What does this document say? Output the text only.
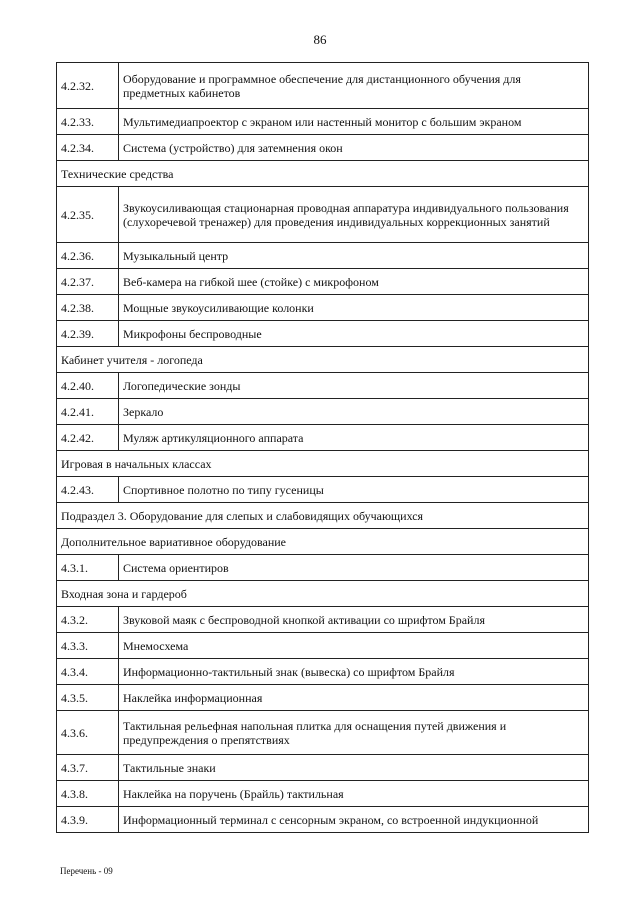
86
4.2.32.	Оборудование и программное обеспечение для дистанционного обучения для предметных кабинетов
4.2.33.	Мультимедиапроектор с экраном или настенный монитор с большим экраном
4.2.34.	Система (устройство) для затемнения окон
Технические средства	
4.2.35.	Звукоусиливающая стационарная проводная аппаратура индивидуального пользования (слухоречевой тренажер) для проведения индивидуальных коррекционных занятий
4.2.36.	Музыкальный центр
4.2.37.	Веб-камера на гибкой шее (стойке) с микрофоном
4.2.38.	Мощные звукоусиливающие колонки
4.2.39.	Микрофоны беспроводные
Кабинет учителя - логопеда	
4.2.40.	Логопедические зонды
4.2.41.	Зеркало
4.2.42.	Муляж артикуляционного аппарата
Игровая в начальных классах	
4.2.43.	Спортивное полотно по типу гусеницы
Подраздел 3. Оборудование для слепых и слабовидящих обучающихся	
Дополнительное вариативное оборудование	
4.3.1.	Система ориентиров
Входная зона и гардероб	
4.3.2.	Звуковой маяк с беспроводной кнопкой активации со шрифтом Брайля
4.3.3.	Мнемосхема
4.3.4.	Информационно-тактильный знак (вывеска) со шрифтом Брайля
4.3.5.	Наклейка информационная
4.3.6.	Тактильная рельефная напольная плитка для оснащения путей движения и предупреждения о препятствиях
4.3.7.	Тактильные знаки
4.3.8.	Наклейка на поручень (Брайль) тактильная
4.3.9.	Информационный терминал с сенсорным экраном, со встроенной индукционной
Перечень - 09
